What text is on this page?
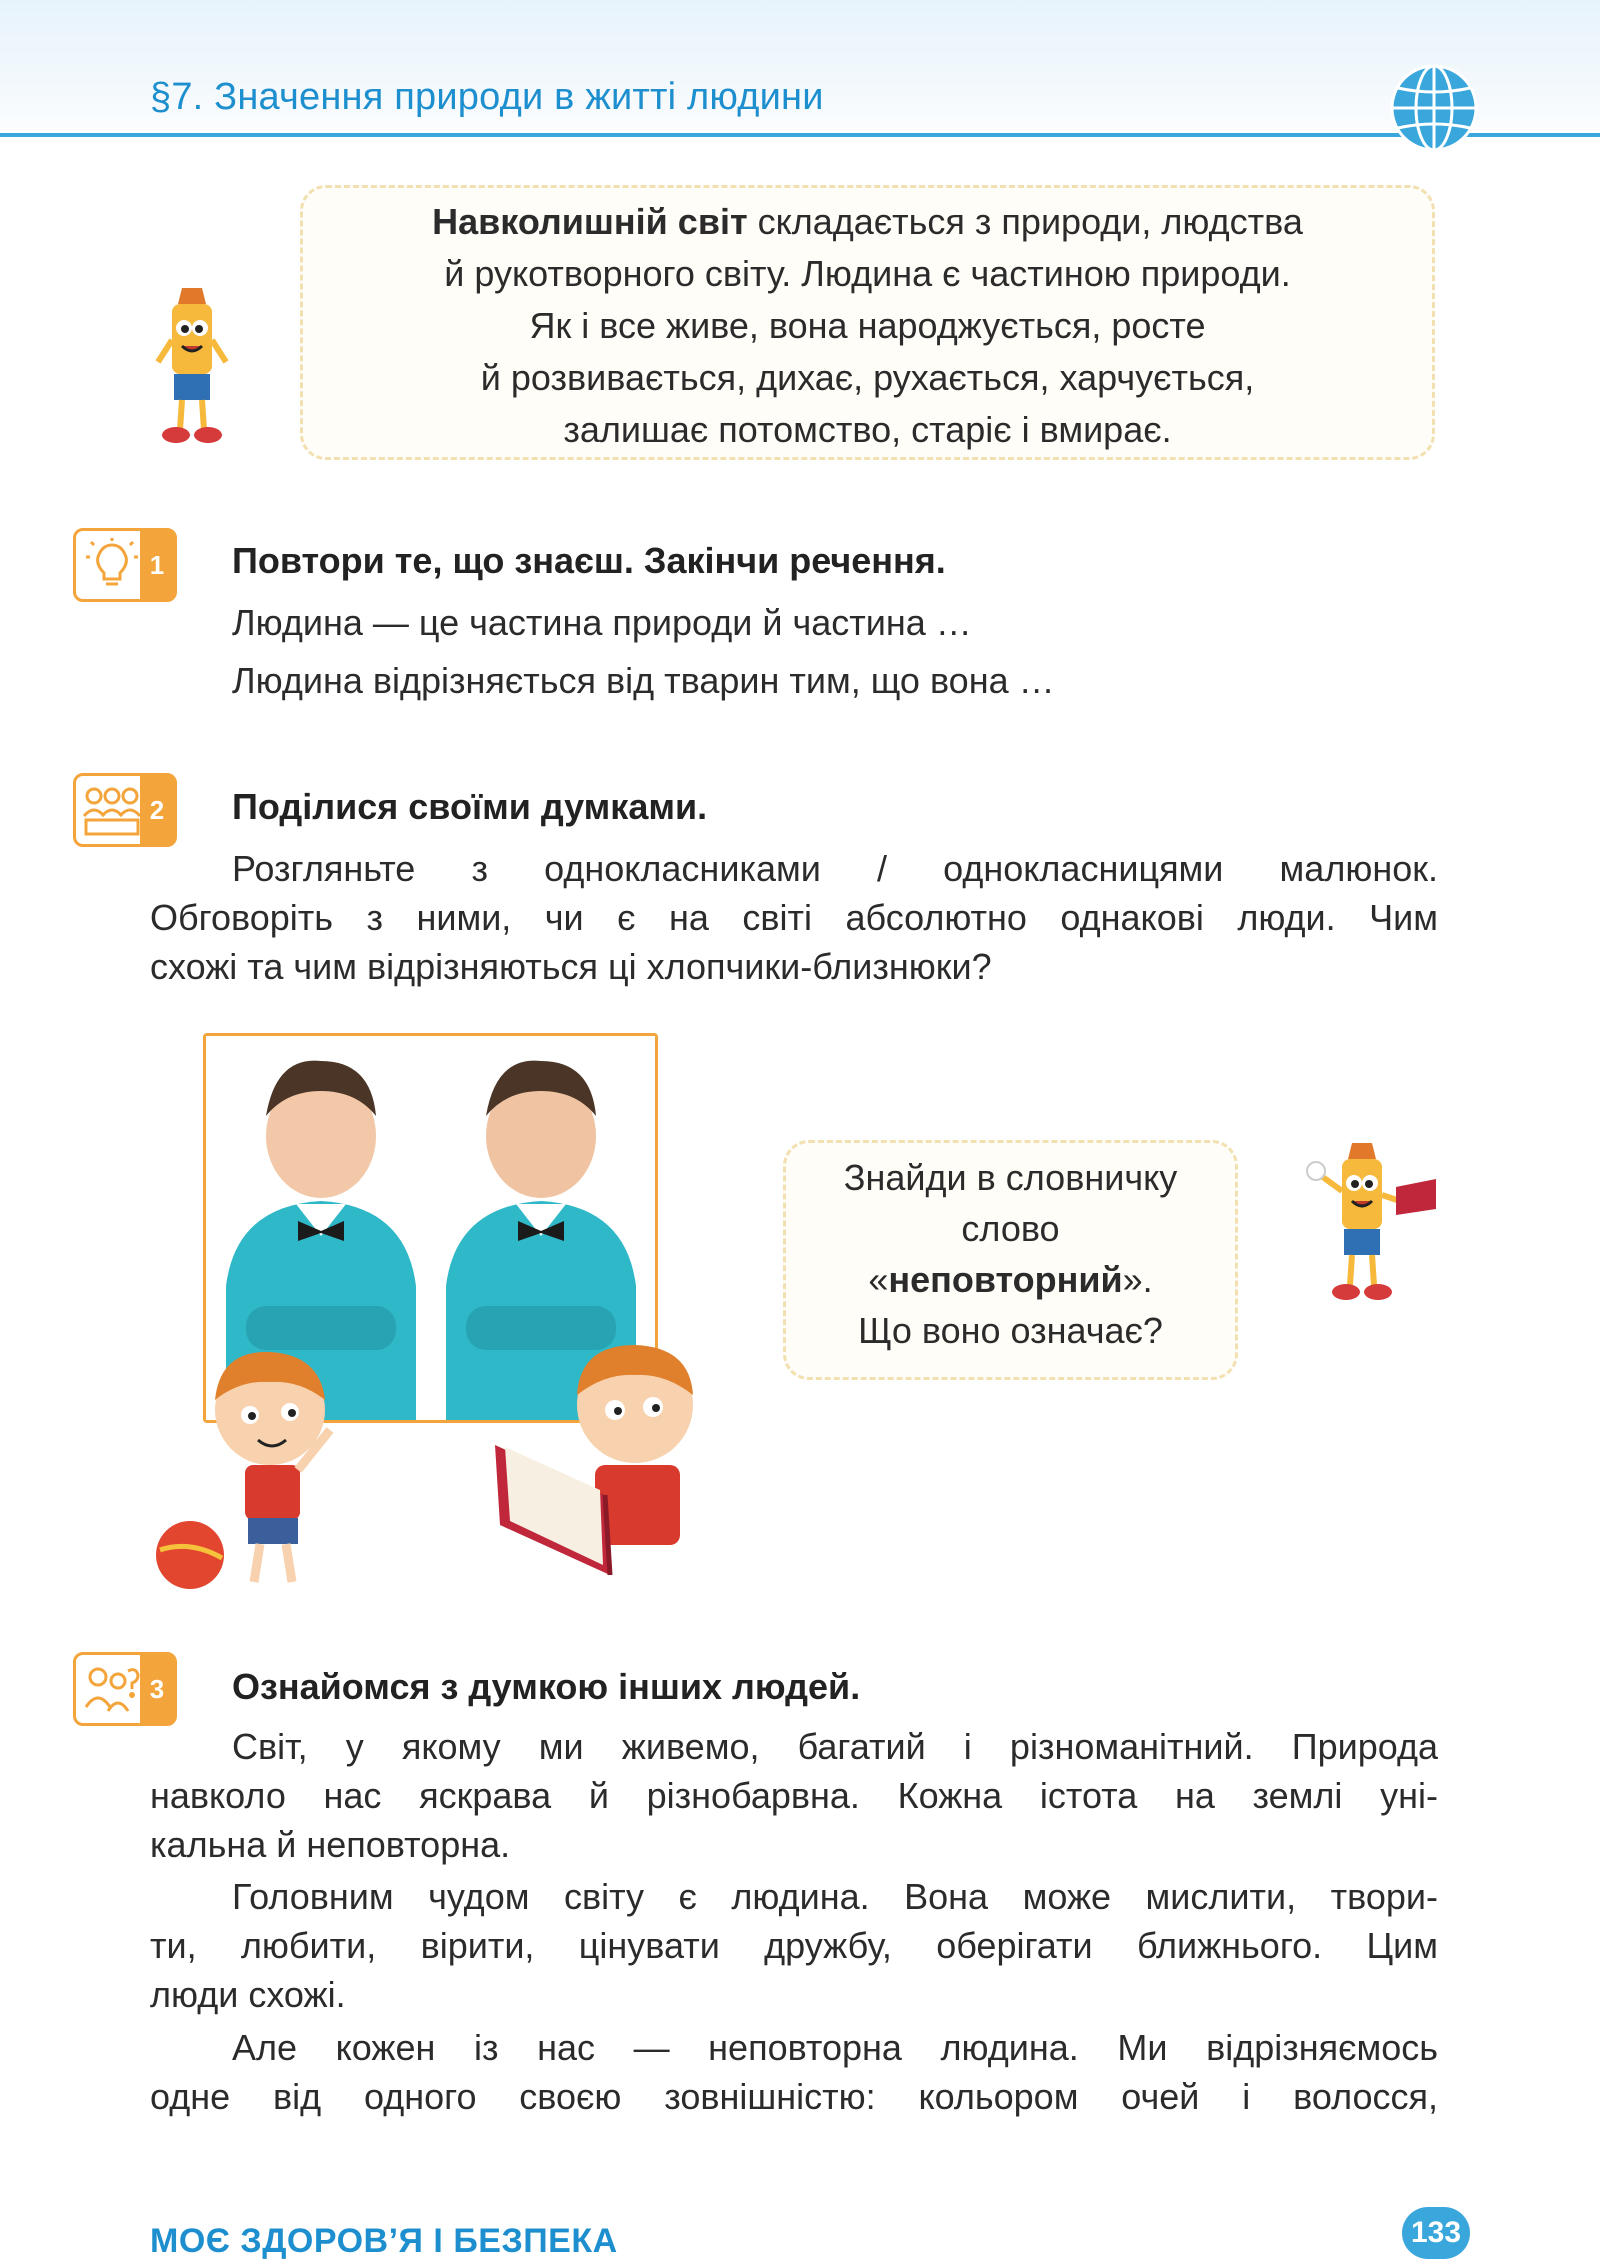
§7. Значення природи в житті людини
Навколишній світ складається з природи, людства
й рукотворного світу. Людина є частиною природи.
Як і все живе, вона народжується, росте
й розвивається, дихає, рухається, харчується,
залишає потомство, старіє і вмирає.
1 Повтори те, що знаєш. Закінчи речення.
Людина — це частина природи й частина …
Людина відрізняється від тварин тим, що вона …
2 Поділися своїми думками.
Розгляньте з однокласниками / однокласницями малюнок.
Обговоріть з ними, чи є на світі абсолютно однакові люди. Чим
схожі та чим відрізняються ці хлопчики-близнюки?
Знайди в словничку
слово
«неповторний».
Що воно означає?
3 Ознайомся з думкою інших людей.
Світ, у якому ми живемо, багатий і різноманітний. Природа
навколо нас яскрава й різнобарвна. Кожна істота на землі уні-
кальна й неповторна.
Головним чудом світу є людина. Вона може мислити, твори-
ти, любити, вірити, цінувати дружбу, оберігати ближнього. Цим
люди схожі.
Але кожен із нас — неповторна людина. Ми відрізняємось
одне від одного своєю зовнішністю: кольором очей і волосся,
МОЄ ЗДОРОВ’Я І БЕЗПЕКА	133
